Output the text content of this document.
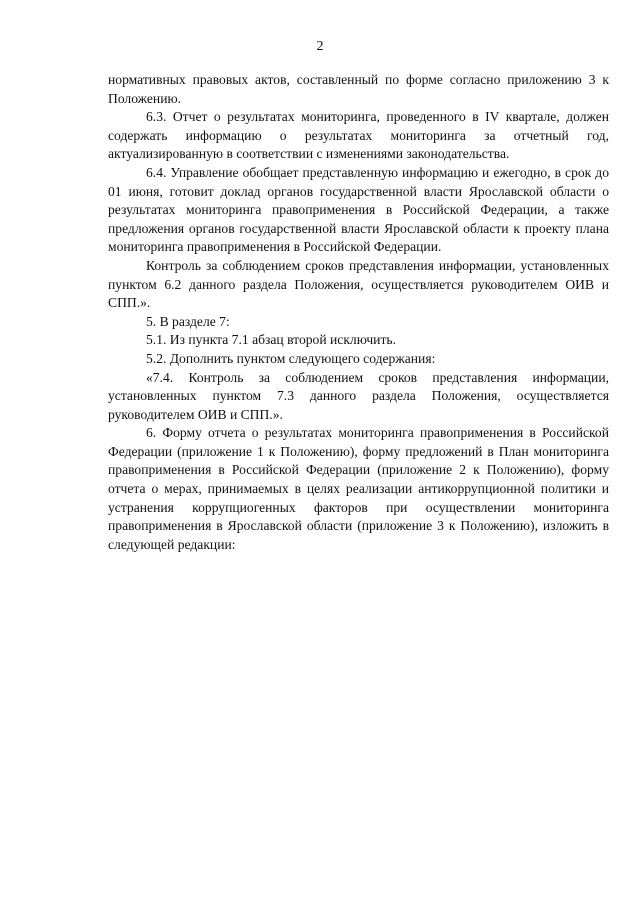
2

нормативных правовых актов, составленный по форме согласно приложению 3 к Положению.

6.3. Отчет о результатах мониторинга, проведенного в IV квартале, должен содержать информацию о результатах мониторинга за отчетный год, актуализированную в соответствии с изменениями законодательства.

6.4. Управление обобщает представленную информацию и ежегодно, в срок до 01 июня, готовит доклад органов государственной власти Ярославской области о результатах мониторинга правоприменения в Российской Федерации, а также предложения органов государственной власти Ярославской области к проекту плана мониторинга правоприменения в Российской Федерации.

Контроль за соблюдением сроков представления информации, установленных пунктом 6.2 данного раздела Положения, осуществляется руководителем ОИВ и СПП.».

5. В разделе 7:

5.1. Из пункта 7.1 абзац второй исключить.

5.2. Дополнить пунктом следующего содержания:

«7.4. Контроль за соблюдением сроков представления информации, установленных пунктом 7.3 данного раздела Положения, осуществляется руководителем ОИВ и СПП.».

6. Форму отчета о результатах мониторинга правоприменения в Российской Федерации (приложение 1 к Положению), форму предложений в План мониторинга правоприменения в Российской Федерации (приложение 2 к Положению), форму отчета о мерах, принимаемых в целях реализации антикоррупционной политики и устранения коррупциогенных факторов при осуществлении мониторинга правоприменения в Ярославской области (приложение 3 к Положению), изложить в следующей редакции:
